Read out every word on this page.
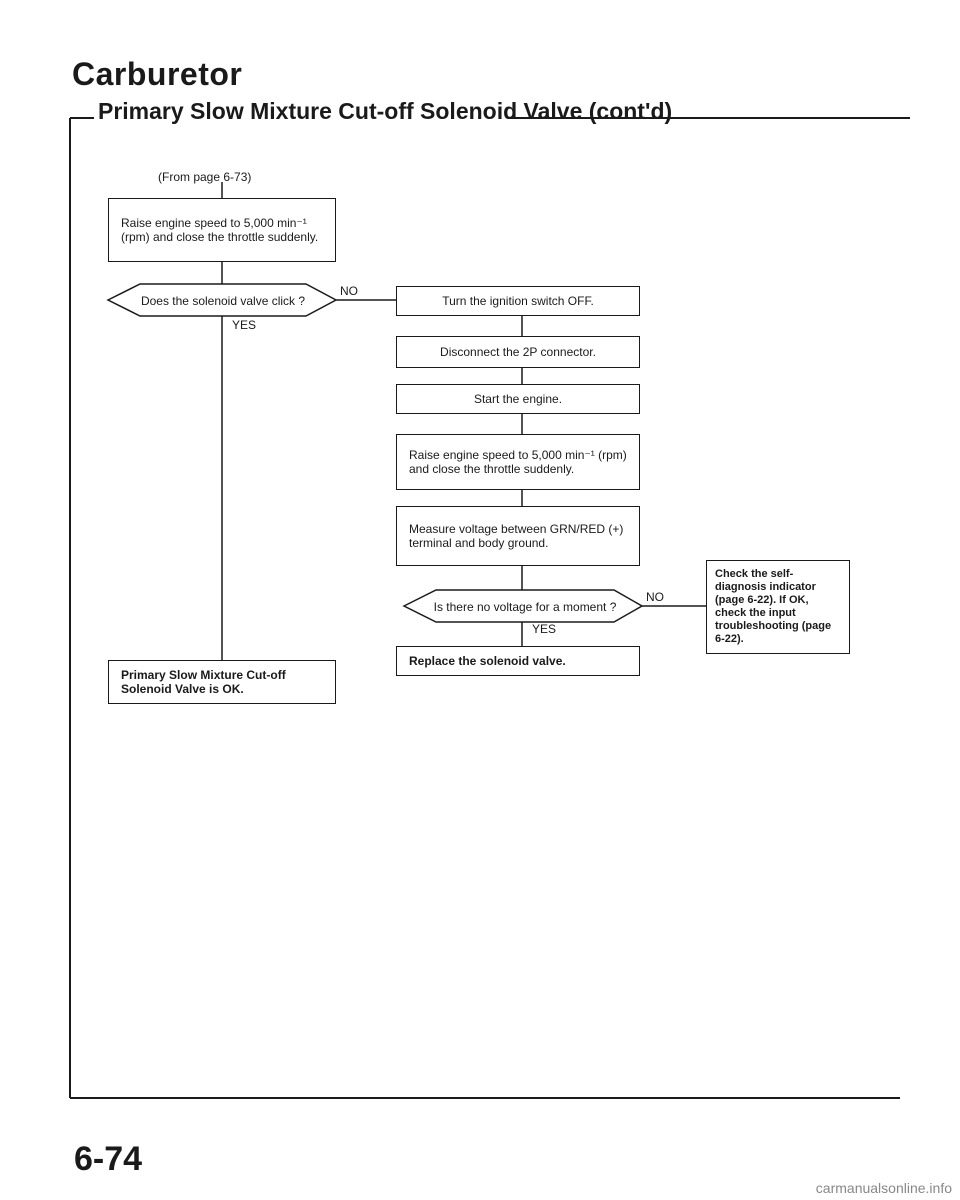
Carburetor
Primary Slow Mixture Cut-off Solenoid Valve (cont'd)
(From page 6-73)
Raise engine speed to 5,000 min⁻¹ (rpm) and close the throttle suddenly.
Does the solenoid valve click ?
NO
YES
Turn the ignition switch OFF.
Disconnect the 2P connector.
Start the engine.
Raise engine speed to 5,000 min⁻¹ (rpm) and close the throttle suddenly.
Measure voltage between GRN/RED (+) terminal and body ground.
Is there no voltage for a moment ?
NO
YES
Check the self-diagnosis indicator (page 6-22). If OK, check the input troubleshooting (page 6-22).
Replace the solenoid valve.
Primary Slow Mixture Cut-off Solenoid Valve is OK.
6-74
carmanualsonline.info
